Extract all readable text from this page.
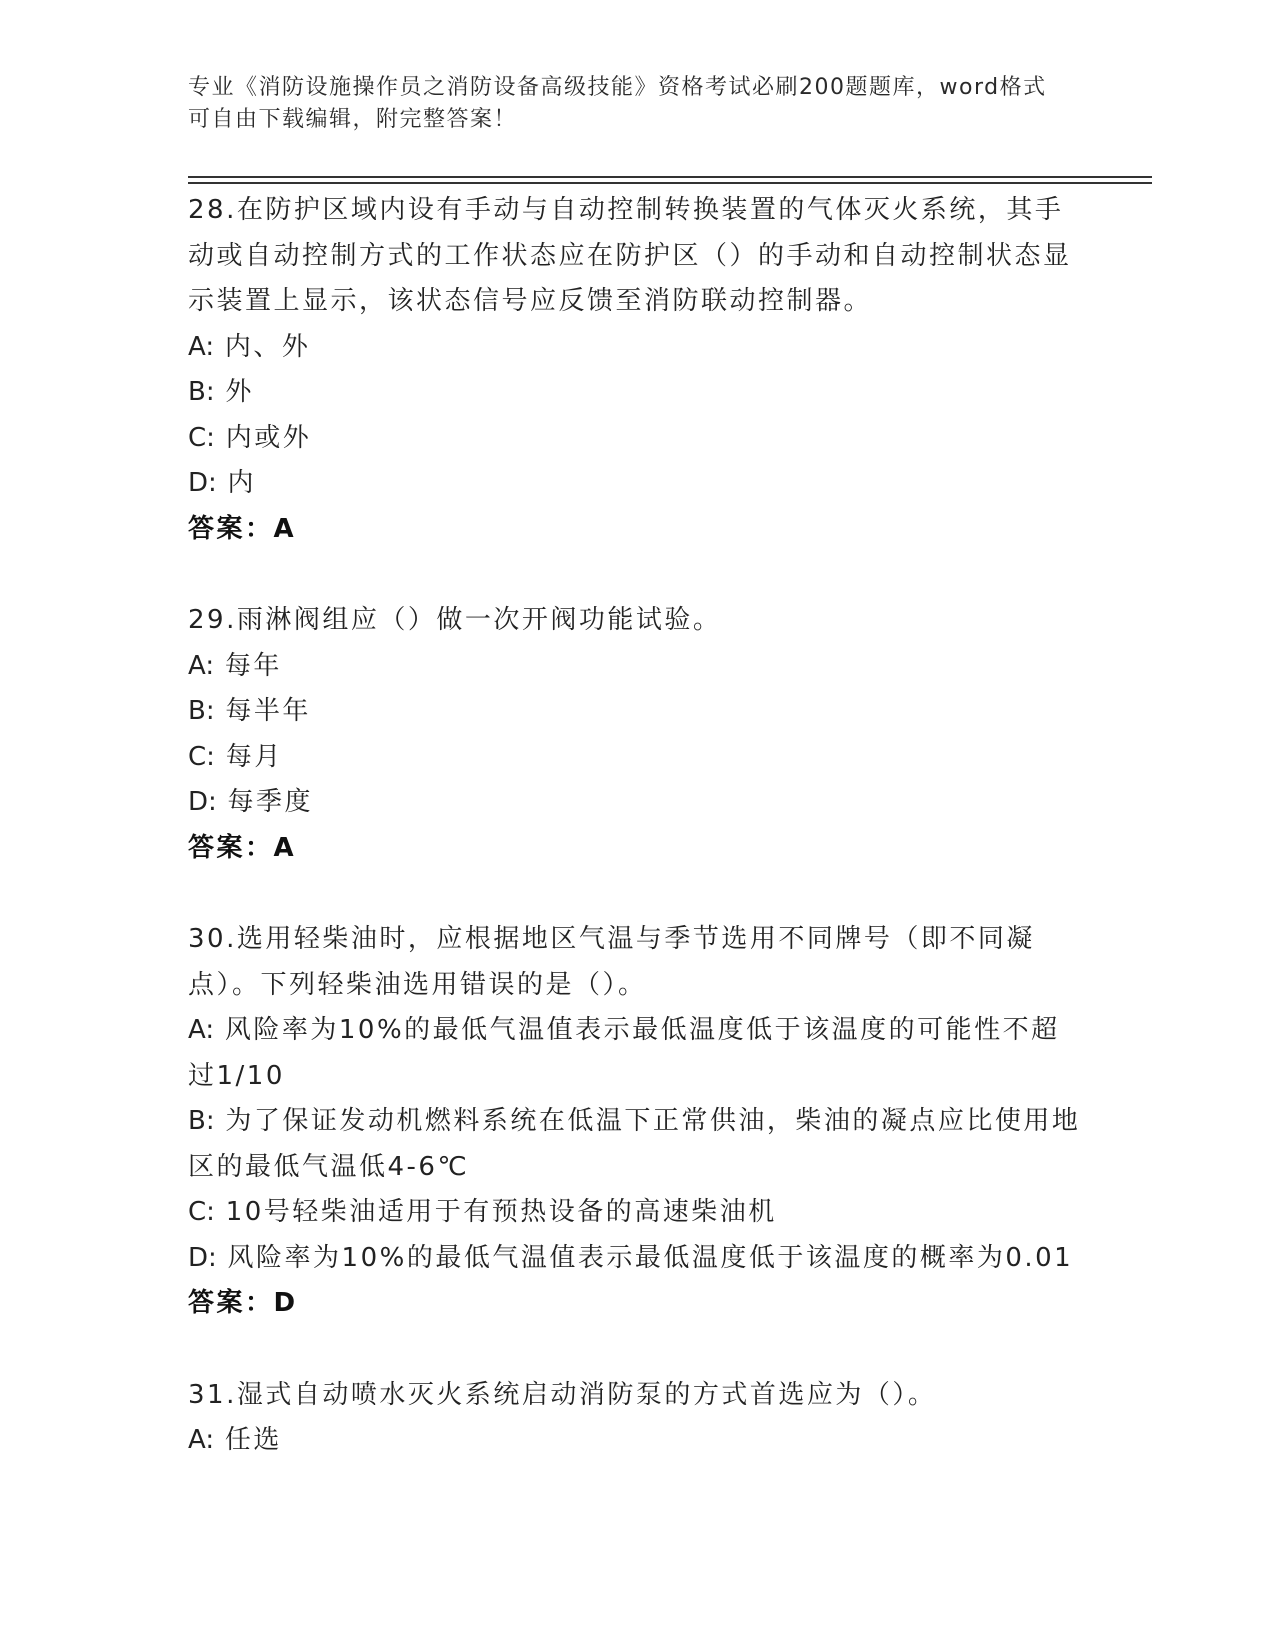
专业《消防设施操作员之消防设备高级技能》资格考试必刷200题题库，word格式可自由下载编辑，附完整答案！

28.在防护区域内设有手动与自动控制转换装置的气体灭火系统，其手动或自动控制方式的工作状态应在防护区（）的手动和自动控制状态显示装置上显示，该状态信号应反馈至消防联动控制器。

A: 内、外

B: 外

C: 内或外

D: 内

答案：A

29.雨淋阀组应（）做一次开阀功能试验。

A: 每年

B: 每半年

C: 每月

D: 每季度

答案：A

30.选用轻柴油时，应根据地区气温与季节选用不同牌号（即不同凝点）。下列轻柴油选用错误的是（）。

A: 风险率为10%的最低气温值表示最低温度低于该温度的可能性不超过1/10

B: 为了保证发动机燃料系统在低温下正常供油，柴油的凝点应比使用地区的最低气温低4-6℃

C: 10号轻柴油适用于有预热设备的高速柴油机

D: 风险率为10%的最低气温值表示最低温度低于该温度的概率为0.01

答案：D

31.湿式自动喷水灭火系统启动消防泵的方式首选应为（）。

A: 任选
